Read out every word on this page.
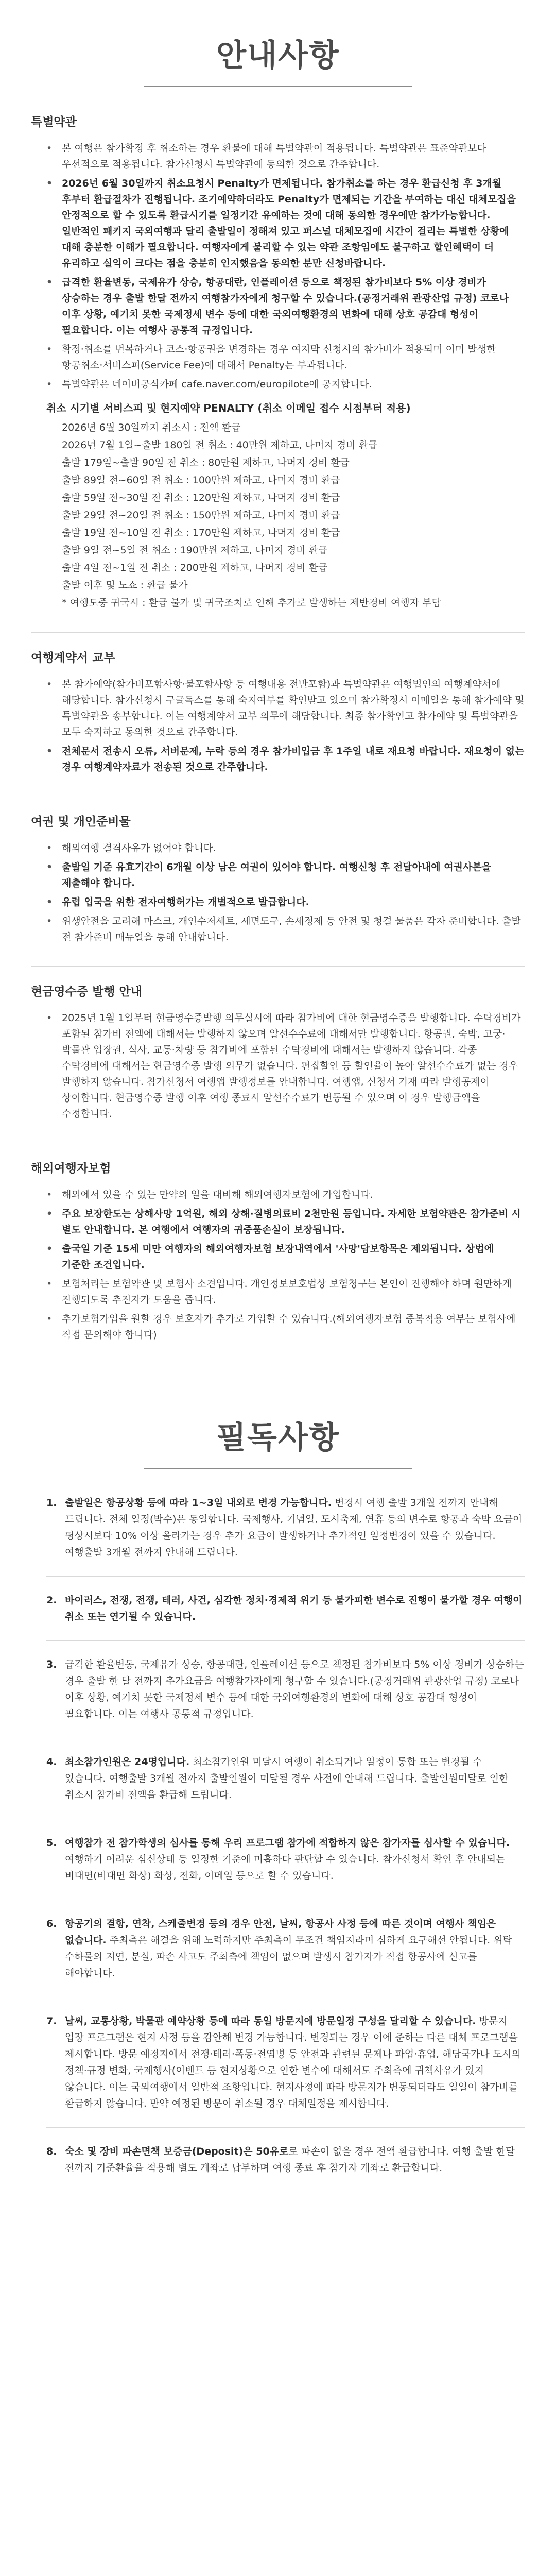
안내사항
특별약관
• 본 여행은 참가확정 후 취소하는 경우 환불에 대해 특별약관이 적용됩니다. 특별약관은 표준약관보다 우선적으로 적용됩니다. 참가신청시 특별약관에 동의한 것으로 간주합니다.
• 2026년 6월 30일까지 취소요청시 Penalty가 면제됩니다. 참가취소를 하는 경우 환급신청 후 3개월 후부터 환급절차가 진행됩니다. 조기예약하더라도 Penalty가 면제되는 기간을 부여하는 대신 대체모집을 안정적으로 할 수 있도록 환급시기를 일정기간 유예하는 것에 대해 동의한 경우에만 참가가능합니다. 일반적인 패키지 국외여행과 달리 출발일이 정해져 있고 퍼스널 대체모집에 시간이 걸리는 특별한 상황에 대해 충분한 이해가 필요합니다. 여행자에게 불리할 수 있는 약관 조항임에도 불구하고 할인혜택이 더 유리하고 실익이 크다는 점을 충분히 인지했음을 동의한 분만 신청바랍니다.
• 급격한 환율변동, 국제유가 상승, 항공대란, 인플레이션 등으로 책정된 참가비보다 5% 이상 경비가 상승하는 경우 출발 한달 전까지 여행참가자에게 청구할 수 있습니다.(공정거래위 관광산업 규정) 코로나 이후 상황, 예기치 못한 국제정세 변수 등에 대한 국외여행환경의 변화에 대해 상호 공감대 형성이 필요합니다. 이는 여행사 공통적 규정입니다.
• 확정·취소를 번복하거나 코스·항공권을 변경하는 경우 여지막 신청시의 참가비가 적용되며 이미 발생한 항공취소·서비스피(Service Fee)에 대해서 Penalty는 부과됩니다.
• 특별약관은 네이버공식카페 cafe.naver.com/europilote에 공지합니다.
취소 시기별 서비스피 및 현지예약 PENALTY (취소 이메일 접수 시점부터 적용)
2026년 6월 30일까지 취소시 : 전액 환급
2026년 7월 1일~출발 180일 전 취소 : 40만원 제하고, 나머지 경비 환급
출발 179일~출발 90일 전 취소 : 80만원 제하고, 나머지 경비 환급
출발 89일 전~60일 전 취소 : 100만원 제하고, 나머지 경비 환급
출발 59일 전~30일 전 취소 : 120만원 제하고, 나머지 경비 환급
출발 29일 전~20일 전 취소 : 150만원 제하고, 나머지 경비 환급
출발 19일 전~10일 전 취소 : 170만원 제하고, 나머지 경비 환급
출발 9일 전~5일 전 취소 : 190만원 제하고, 나머지 경비 환급
출발 4일 전~1일 전 취소 : 200만원 제하고, 나머지 경비 환급
출발 이후 및 노쇼 : 환급 불가
* 여행도중 귀국시 : 환급 불가 및 귀국조치로 인해 추가로 발생하는 제반경비 여행자 부담
여행계약서 교부
• 본 참가예약(참가비포함사항·불포함사항 등 여행내용 전반포함)과 특별약관은 여행법인의 여행계약서에 해당합니다. 참가신청시 구글독스를 통해 숙지여부를 확인받고 있으며 참가확정시 이메일을 통해 참가예약 및 특별약관을 송부합니다. 이는 여행계약서 교부 의무에 해당합니다. 최종 참가확인고 참가예약 및 특별약관을 모두 숙지하고 동의한 것으로 간주합니다.
• 전체문서 전송시 오류, 서버문제, 누락 등의 경우 참가비입금 후 1주일 내로 재요청 바랍니다. 재요청이 없는 경우 여행계약자료가 전송된 것으로 간주합니다.
여권 및 개인준비물
• 해외여행 결격사유가 없어야 합니다.
• 출발일 기준 유효기간이 6개월 이상 남은 여권이 있어야 합니다. 여행신청 후 전달아내에 여권사본을 제출해야 합니다.
• 유럽 입국을 위한 전자여행허가는 개별적으로 발급합니다.
• 위생안전을 고려해 마스크, 개인수저세트, 세면도구, 손세정제 등 안전 및 청결 물품은 각자 준비합니다. 출발 전 참가준비 매뉴얼을 통해 안내합니다.
현금영수증 발행 안내
• 2025년 1월 1일부터 현금영수증발행 의무실시에 따라 참가비에 대한 현금영수증을 발행합니다. 수탁경비가 포함된 참가비 전액에 대해서는 발행하지 않으며 알선수수료에 대해서만 발행합니다. 항공권, 숙박, 고궁·박물관 입장권, 식사, 교통·차량 등 참가비에 포함된 수탁경비에 대해서는 발행하지 않습니다. 각종 수탁경비에 대해서는 현금영수증 발행 의무가 없습니다. 편집할인 등 할인율이 높아 알선수수료가 없는 경우 발행하지 않습니다. 참가신청서 여행앱 발행정보를 안내합니다. 여행앱, 신청서 기재 따라 발행공제이 상이합니다. 현금영수증 발행 이후 여행 종료시 알선수수료가 변동될 수 있으며 이 경우 발행금액을 수정합니다.
해외여행자보험
• 해외에서 있을 수 있는 만약의 일을 대비해 해외여행자보험에 가입합니다.
• 주요 보장한도는 상해사망 1억원, 해외 상해·질병의료비 2천만원 등입니다. 자세한 보험약관은 참가준비 시 별도 안내합니다. 본 여행에서 여행자의 귀중품손실이 보장됩니다.
• 출국일 기준 15세 미만 여행자의 해외여행자보험 보장내역에서 '사망'담보항목은 제외됩니다. 상법에 기준한 조건입니다.
• 보험처리는 보험약관 및 보험사 소견입니다. 개인정보보호법상 보험청구는 본인이 진행해야 하며 원만하게 진행되도록 추진자가 도움을 줍니다.
• 추가보험가입을 원할 경우 보호자가 추가로 가입할 수 있습니다.(해외여행자보험 중복적용 여부는 보험사에 직접 문의해야 합니다)
필독사항
1. 출발일은 항공상황 등에 따라 1~3일 내외로 변경 가능합니다. 변경시 여행 출발 3개월 전까지 안내해 드립니다. 전체 일정(박수)은 동일합니다. 국제행사, 기념일, 도시축제, 연휴 등의 변수로 항공과 숙박 요금이 평상시보다 10% 이상 올라가는 경우 추가 요금이 발생하거나 추가적인 일정변경이 있을 수 있습니다. 여행출발 3개월 전까지 안내해 드립니다.
2. 바이러스, 전쟁, 전쟁, 테러, 사건, 심각한 정치·경제적 위기 등 불가피한 변수로 진행이 불가할 경우 여행이 취소 또는 연기될 수 있습니다.
3. 급격한 환율변동, 국제유가 상승, 항공대란, 인플레이션 등으로 책정된 참가비보다 5% 이상 경비가 상승하는 경우 출발 한 달 전까지 추가요금을 여행참가자에게 청구할 수 있습니다.(공정거래위 관광산업 규정) 코로나 이후 상황, 예기치 못한 국제정세 변수 등에 대한 국외여행환경의 변화에 대해 상호 공감대 형성이 필요합니다. 이는 여행사 공통적 규정입니다.
4. 최소참가인원은 24명입니다. 최소참가인원 미달시 여행이 취소되거나 일정이 통합 또는 변경될 수 있습니다. 여행출발 3개월 전까지 출발인원이 미달될 경우 사전에 안내해 드립니다. 출발인원미달로 인한 취소시 참가비 전액을 환급해 드립니다.
5. 여행참가 전 참가학생의 심사를 통해 우리 프로그램 참가에 적합하지 않은 참가자를 심사할 수 있습니다. 여행하기 어려운 심신상태 등 일정한 기준에 미흡하다 판단할 수 있습니다. 참가신청서 확인 후 안내되는 비대면(비대면 화상) 화상, 전화, 이메일 등으로 할 수 있습니다.
6. 항공기의 결항, 연착, 스케줄변경 등의 경우 안전, 날씨, 항공사 사정 등에 따른 것이며 여행사 책임은 없습니다. 주최측은 해결을 위해 노력하지만 주최측이 무조건 책임지라며 심하게 요구해선 안됩니다. 위탁 수하물의 지연, 분실, 파손 사고도 주최측에 책임이 없으며 발생시 참가자가 직접 항공사에 신고를 해야합니다.
7. 날씨, 교통상황, 박물관 예약상황 등에 따라 동일 방문지에 방문일정 구성을 달리할 수 있습니다. 방문지 입장 프로그램은 현지 사정 등을 감안해 변경 가능합니다. 변경되는 경우 이에 준하는 다른 대체 프로그램을 제시합니다. 방문 예정지에서 전쟁·테러·폭동·전염병 등 안전과 관련된 문제나 파업·휴업, 해당국가나 도시의 정책·규정 변화, 국제행사(이벤트 등 현지상황으로 인한 변수에 대해서도 주최측에 귀책사유가 있지 않습니다. 이는 국외여행에서 일반적 조항입니다. 현지사정에 따라 방문지가 변동되더라도 일일이 참가비를 환급하지 않습니다. 만약 예정된 방문이 취소될 경우 대체일정을 제시합니다.
8. 숙소 및 장비 파손면책 보증금(Deposit)은 50유로로 파손이 없을 경우 전액 환급합니다. 여행 출발 한달 전까지 기준환율을 적용해 별도 계좌로 납부하며 여행 종료 후 참가자 계좌로 환급합니다.
